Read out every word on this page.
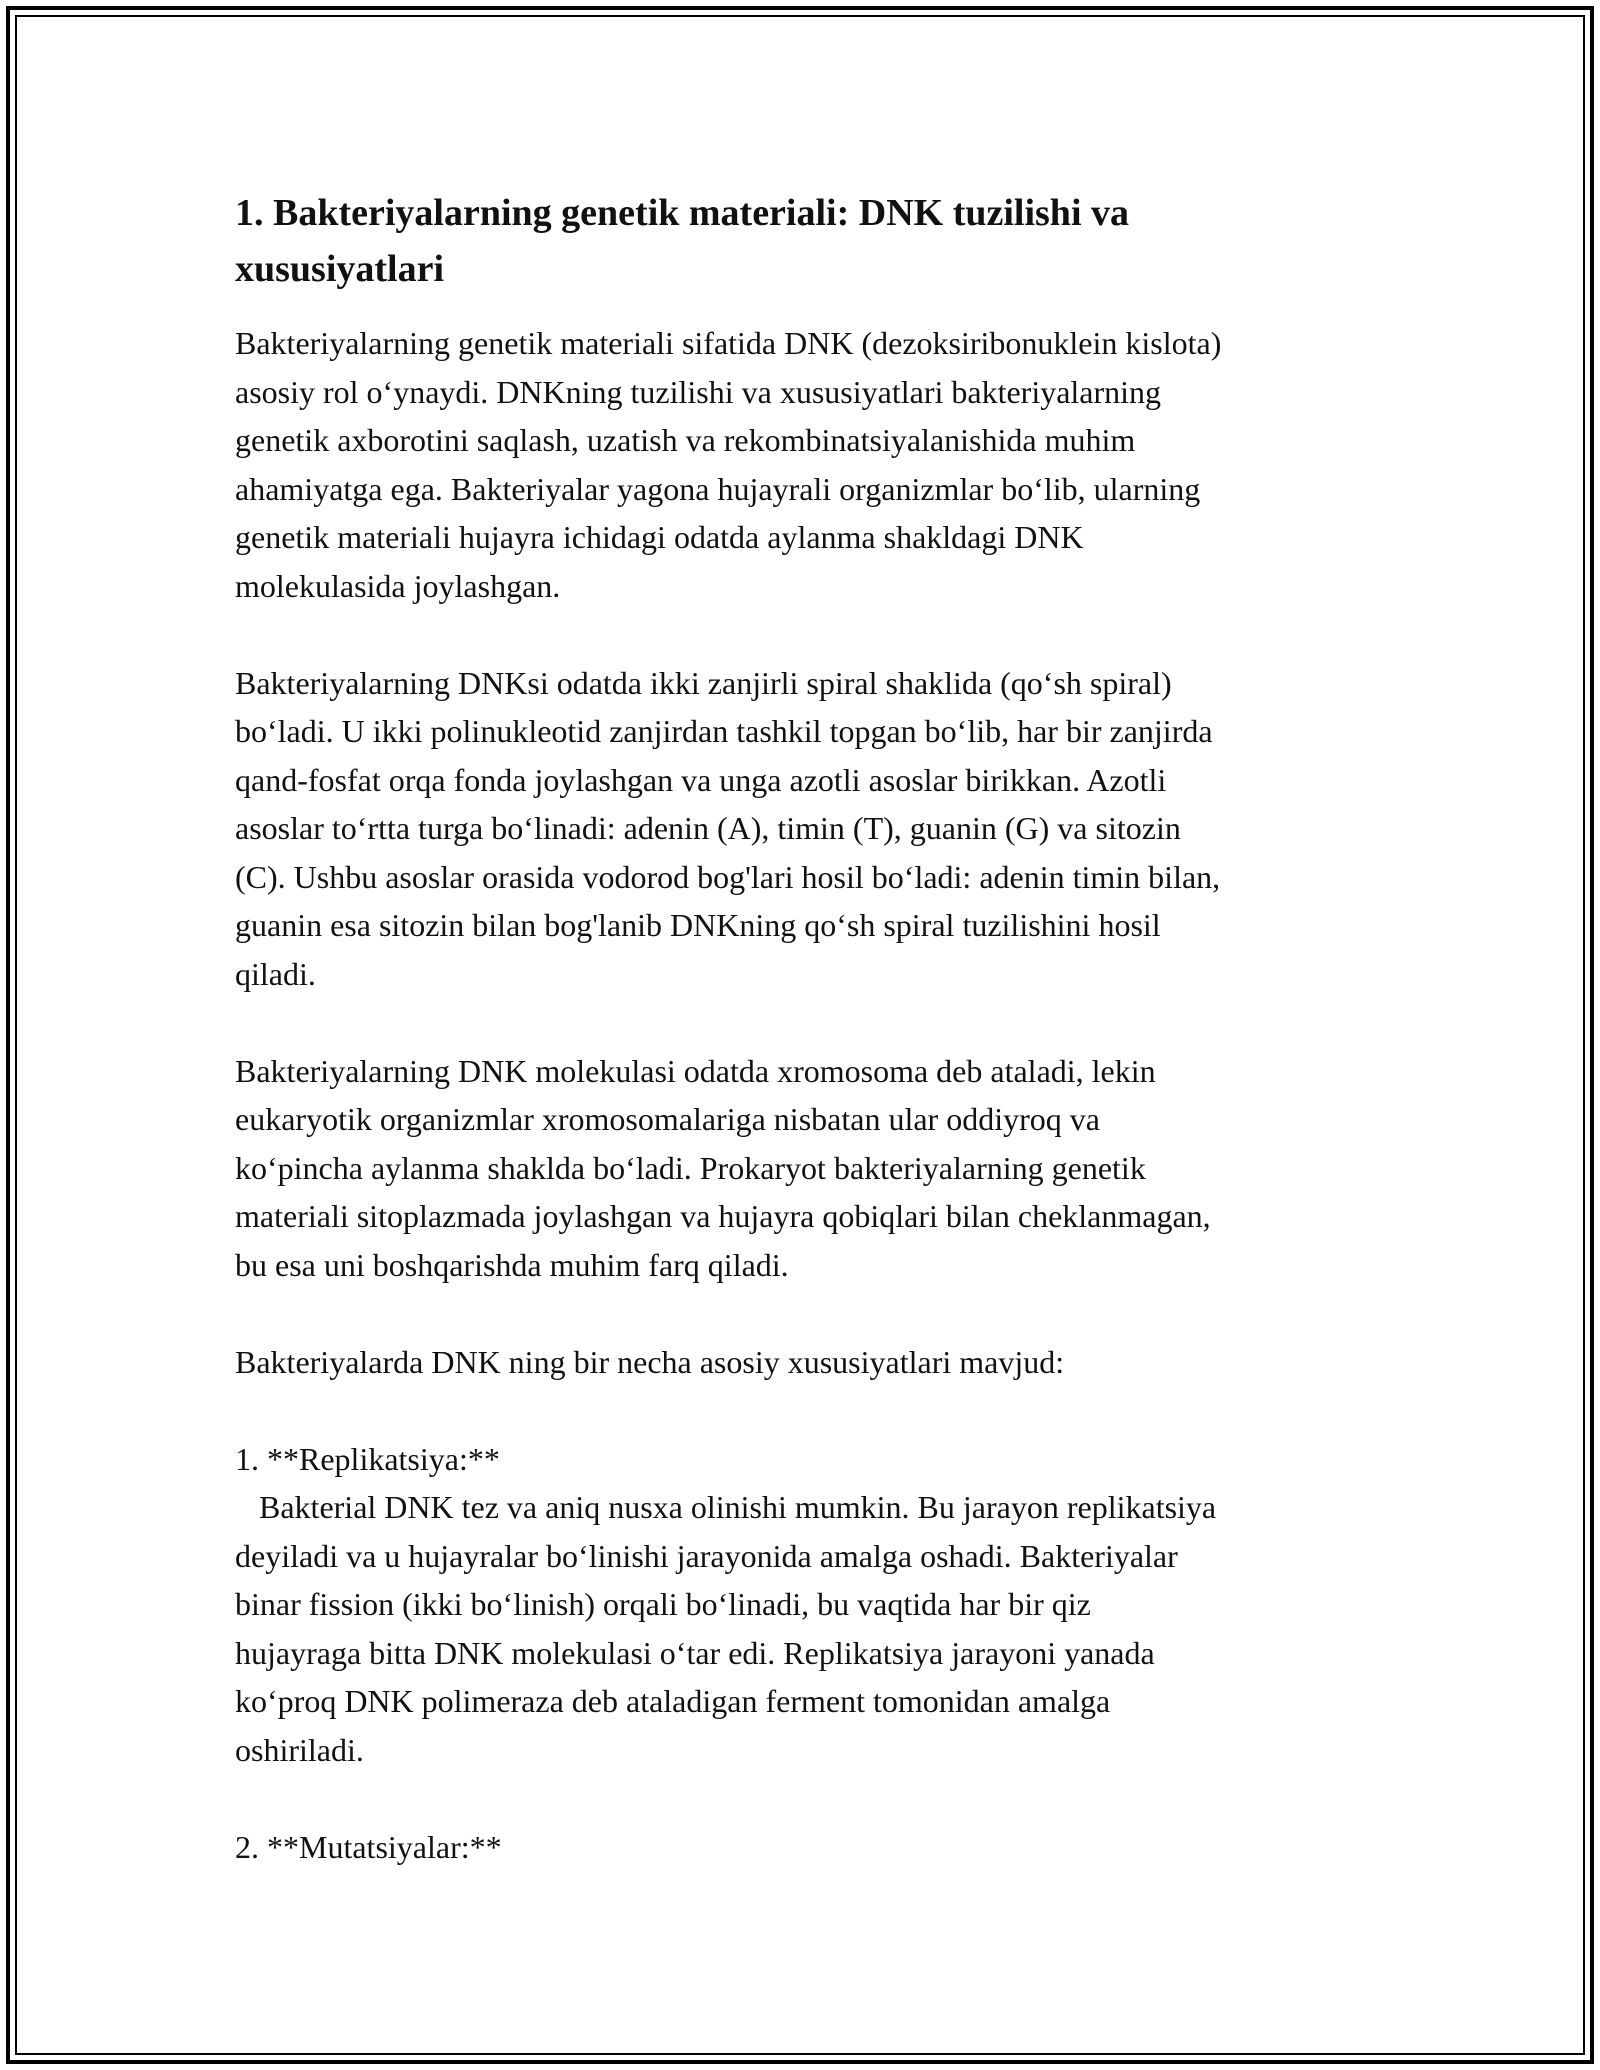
1. Bakteriyalarning genetik materiali: DNK tuzilishi va
xususiyatlari

Bakteriyalarning genetik materiali sifatida DNK (dezoksiribonuklein kislota)
asosiy rol o‘ynaydi. DNKning tuzilishi va xususiyatlari bakteriyalarning
genetik axborotini saqlash, uzatish va rekombinatsiyalanishida muhim
ahamiyatga ega. Bakteriyalar yagona hujayrali organizmlar bo‘lib, ularning
genetik materiali hujayra ichidagi odatda aylanma shakldagi DNK
molekulasida joylashgan.

Bakteriyalarning DNKsi odatda ikki zanjirli spiral shaklida (qo‘sh spiral)
bo‘ladi. U ikki polinukleotid zanjirdan tashkil topgan bo‘lib, har bir zanjirda
qand-fosfat orqa fonda joylashgan va unga azotli asoslar birikkan. Azotli
asoslar to‘rtta turga bo‘linadi: adenin (A), timin (T), guanin (G) va sitozin
(C). Ushbu asoslar orasida vodorod bog'lari hosil bo‘ladi: adenin timin bilan,
guanin esa sitozin bilan bog'lanib DNKning qo‘sh spiral tuzilishini hosil
qiladi.

Bakteriyalarning DNK molekulasi odatda xromosoma deb ataladi, lekin
eukaryotik organizmlar xromosomalariga nisbatan ular oddiyroq va
ko‘pincha aylanma shaklda bo‘ladi. Prokaryot bakteriyalarning genetik
materiali sitoplazmada joylashgan va hujayra qobiqlari bilan cheklanmagan,
bu esa uni boshqarishda muhim farq qiladi.

Bakteriyalarda DNK ning bir necha asosiy xususiyatlari mavjud:

1. **Replikatsiya:**
Bakterial DNK tez va aniq nusxa olinishi mumkin. Bu jarayon replikatsiya
deyiladi va u hujayralar bo‘linishi jarayonida amalga oshadi. Bakteriyalar
binar fission (ikki bo‘linish) orqali bo‘linadi, bu vaqtida har bir qiz
hujayraga bitta DNK molekulasi o‘tar edi. Replikatsiya jarayoni yanada
ko‘proq DNK polimeraza deb ataladigan ferment tomonidan amalga
oshiriladi.

2. **Mutatsiyalar:**
